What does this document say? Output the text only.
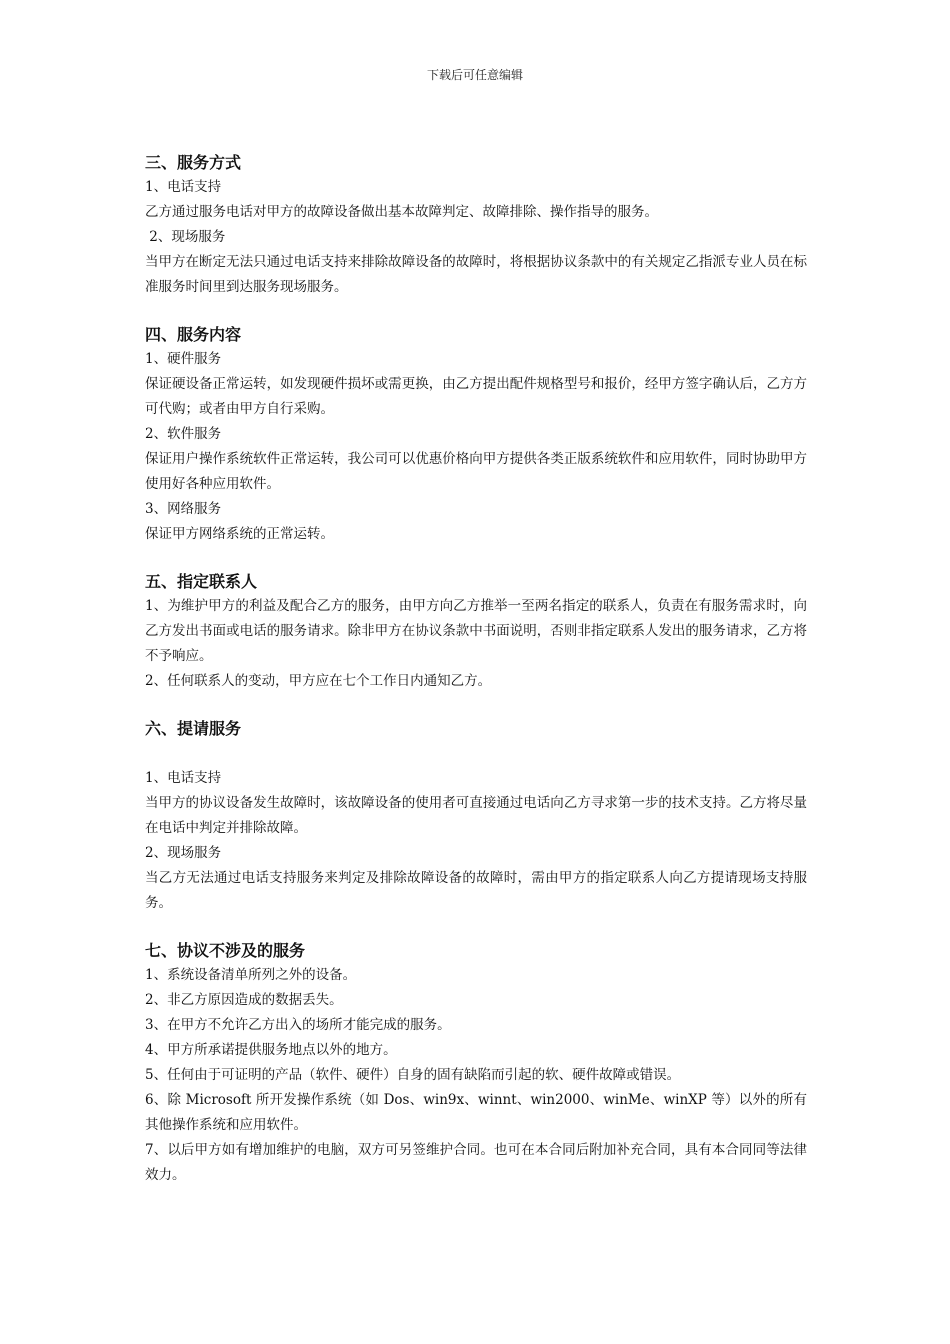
下载后可任意编辑
三、服务方式

1、电话支持

乙方通过服务电话对甲方的故障设备做出基本故障判定、故障排除、操作指导的服务。

2、现场服务

当甲方在断定无法只通过电话支持来排除故障设备的故障时，将根据协议条款中的有关规定乙指派专业人员在标准服务时间里到达服务现场服务。

四、服务内容

1、硬件服务

保证硬设备正常运转，如发现硬件损坏或需更换，由乙方提出配件规格型号和报价，经甲方签字确认后，乙方方可代购；或者由甲方自行采购。

2、软件服务

保证用户操作系统软件正常运转，我公司可以优惠价格向甲方提供各类正版系统软件和应用软件，同时协助甲方使用好各种应用软件。

3、网络服务

保证甲方网络系统的正常运转。

五、指定联系人

1、为维护甲方的利益及配合乙方的服务，由甲方向乙方推举一至两名指定的联系人，负责在有服务需求时，向乙方发出书面或电话的服务请求。除非甲方在协议条款中书面说明，否则非指定联系人发出的服务请求，乙方将不予响应。

2、任何联系人的变动，甲方应在七个工作日内通知乙方。

六、提请服务

1、电话支持

当甲方的协议设备发生故障时，该故障设备的使用者可直接通过电话向乙方寻求第一步的技术支持。乙方将尽量在电话中判定并排除故障。

2、现场服务

当乙方无法通过电话支持服务来判定及排除故障设备的故障时，需由甲方的指定联系人向乙方提请现场支持服务。

七、协议不涉及的服务

1、系统设备清单所列之外的设备。

2、非乙方原因造成的数据丢失。

3、在甲方不允许乙方出入的场所才能完成的服务。

4、甲方所承诺提供服务地点以外的地方。

5、任何由于可证明的产品（软件、硬件）自身的固有缺陷而引起的软、硬件故障或错误。

6、除 Microsoft 所开发操作系统（如 Dos、win9x、winnt、win2000、winMe、winXP 等）以外的所有其他操作系统和应用软件。

7、以后甲方如有增加维护的电脑，双方可另签维护合同。也可在本合同后附加补充合同，具有本合同同等法律效力。
